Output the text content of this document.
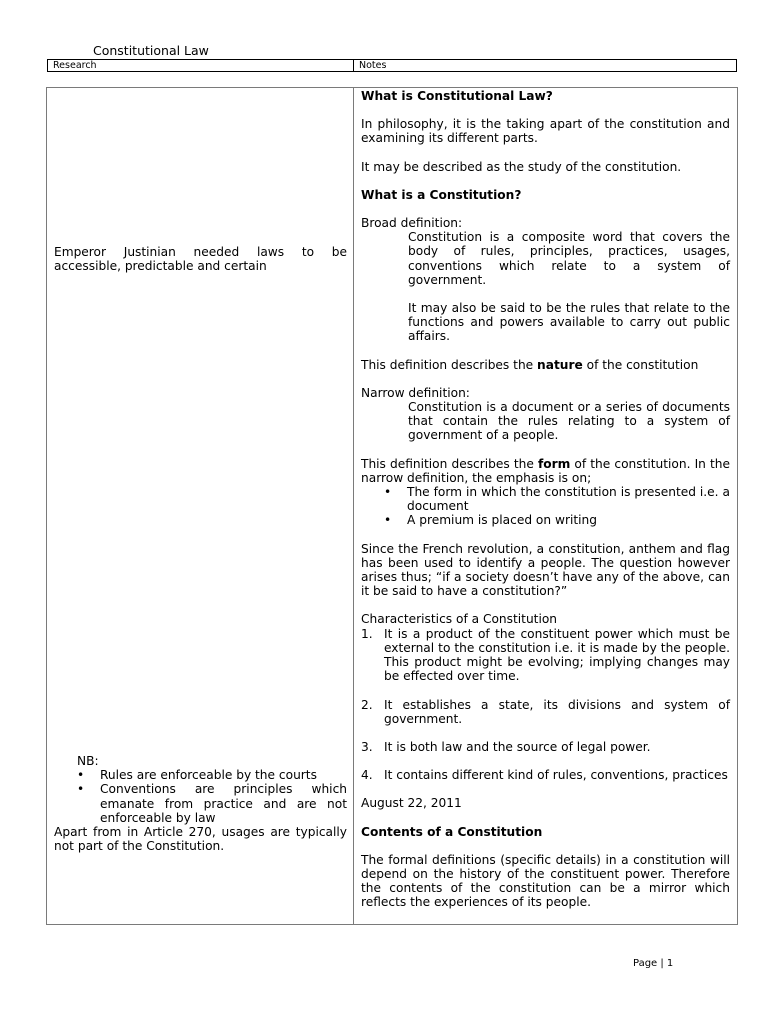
Constitutional Law
Research	Notes

Emperor Justinian needed laws to be accessible, predictable and certain

NB:

• Rules are enforceable by the courts
• Conventions are principles which emanate from practice and are not enforceable by law

Apart from in Article 270, usages are typically not part of the Constitution.

What is Constitutional Law?

In philosophy, it is the taking apart of the constitution and examining its different parts.

It may be described as the study of the constitution.

What is a Constitution?

Broad definition:

Constitution is a composite word that covers the body of rules, principles, practices, usages, conventions which relate to a system of government.

It may also be said to be the rules that relate to the functions and powers available to carry out public affairs.

This definition describes the nature of the constitution

Narrow definition:

Constitution is a document or a series of documents that contain the rules relating to a system of government of a people.

This definition describes the form of the constitution. In the narrow definition, the emphasis is on;

• The form in which the constitution is presented i.e. a document
• A premium is placed on writing

Since the French revolution, a constitution, anthem and flag has been used to identify a people. The question however arises thus; “if a society doesn’t have any of the above, can it be said to have a constitution?”

Characteristics of a Constitution

1. It is a product of the constituent power which must be external to the constitution i.e. it is made by the people. This product might be evolving; implying changes may be effected over time.
2. It establishes a state, its divisions and system of government.
3. It is both law and the source of legal power.
4. It contains different kind of rules, conventions, practices

August 22, 2011

Contents of a Constitution

The formal definitions (specific details) in a constitution will depend on the history of the constituent power. Therefore the contents of the constitution can be a mirror which reflects the experiences of its people.

Page | 1
